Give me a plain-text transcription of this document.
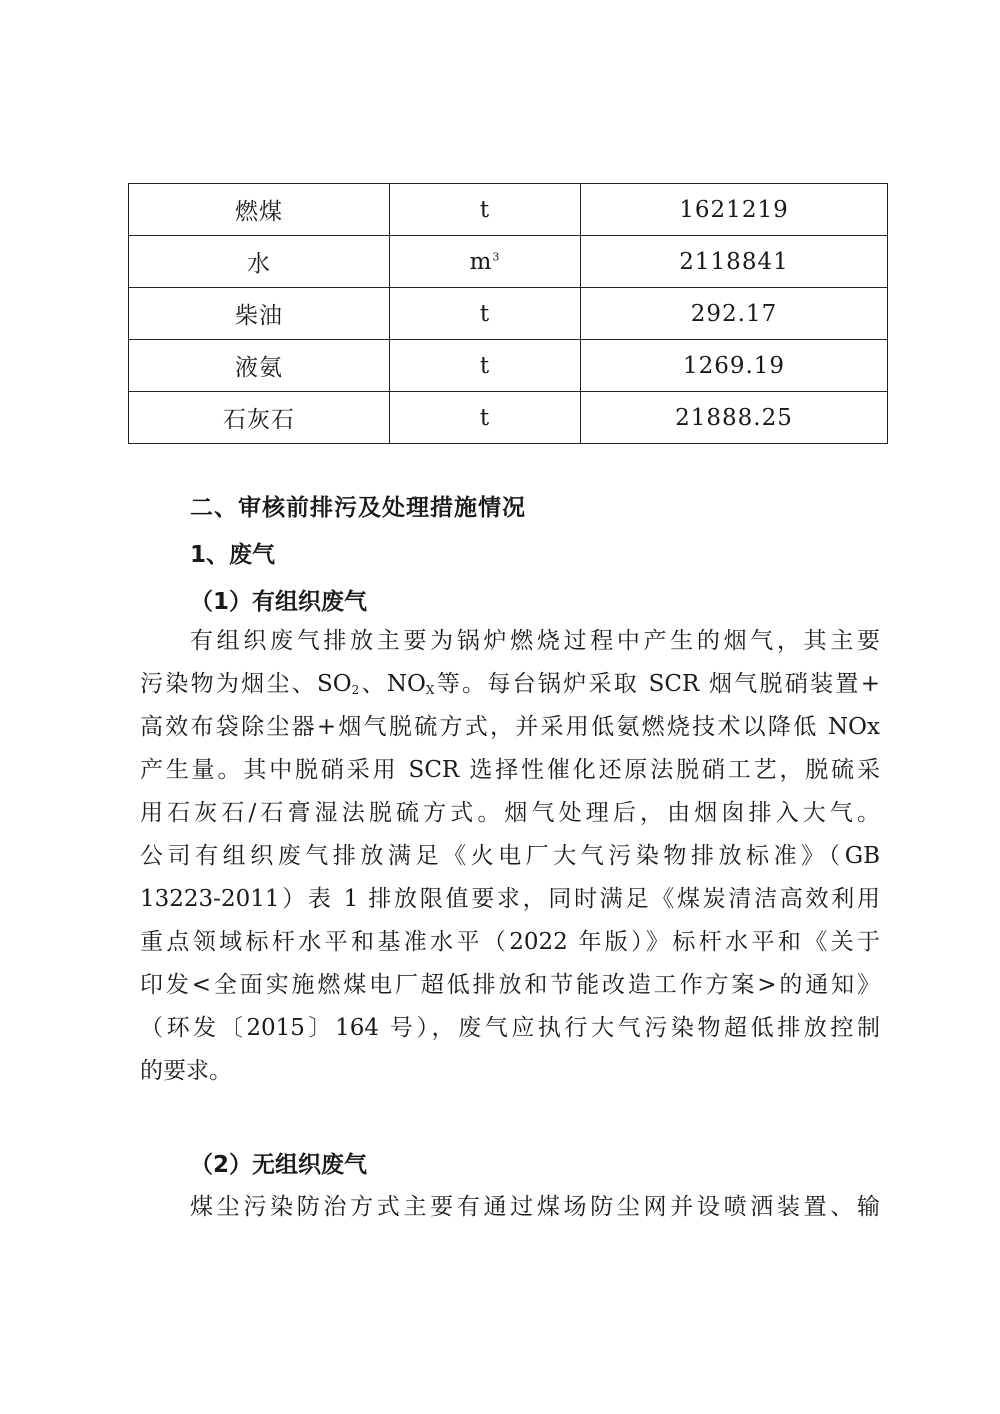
燃煤	t	1621219
水	$m^3$	2118841
柴油	t	292.17
液氨	t	1269.19
石灰石	t	21888.25
二、审核前排污及处理措施情况
1、废气
（1）有组织废气
有组织废气排放主要为锅炉燃烧过程中产生的烟气，其主要
污染物为烟尘、$SO_2$、$NO_X$等。每台锅炉采取 SCR 烟气脱硝装置+
高效布袋除尘器+烟气脱硫方式，并采用低氨燃烧技术以降低 NOx
产生量。其中脱硝采用 SCR 选择性催化还原法脱硝工艺，脱硫采
用石灰石/石膏湿法脱硫方式。烟气处理后，由烟囱排入大气。
公司有组织废气排放满足《火电厂大气污染物排放标准》（GB
13223-2011）表 1 排放限值要求，同时满足《煤炭清洁高效利用
重点领域标杆水平和基准水平（2022 年版）》标杆水平和《关于
印发<全面实施燃煤电厂超低排放和节能改造工作方案>的通知》
（环发〔2015〕164 号），废气应执行大气污染物超低排放控制
的要求。
（2）无组织废气
煤尘污染防治方式主要有通过煤场防尘网并设喷洒装置、输
